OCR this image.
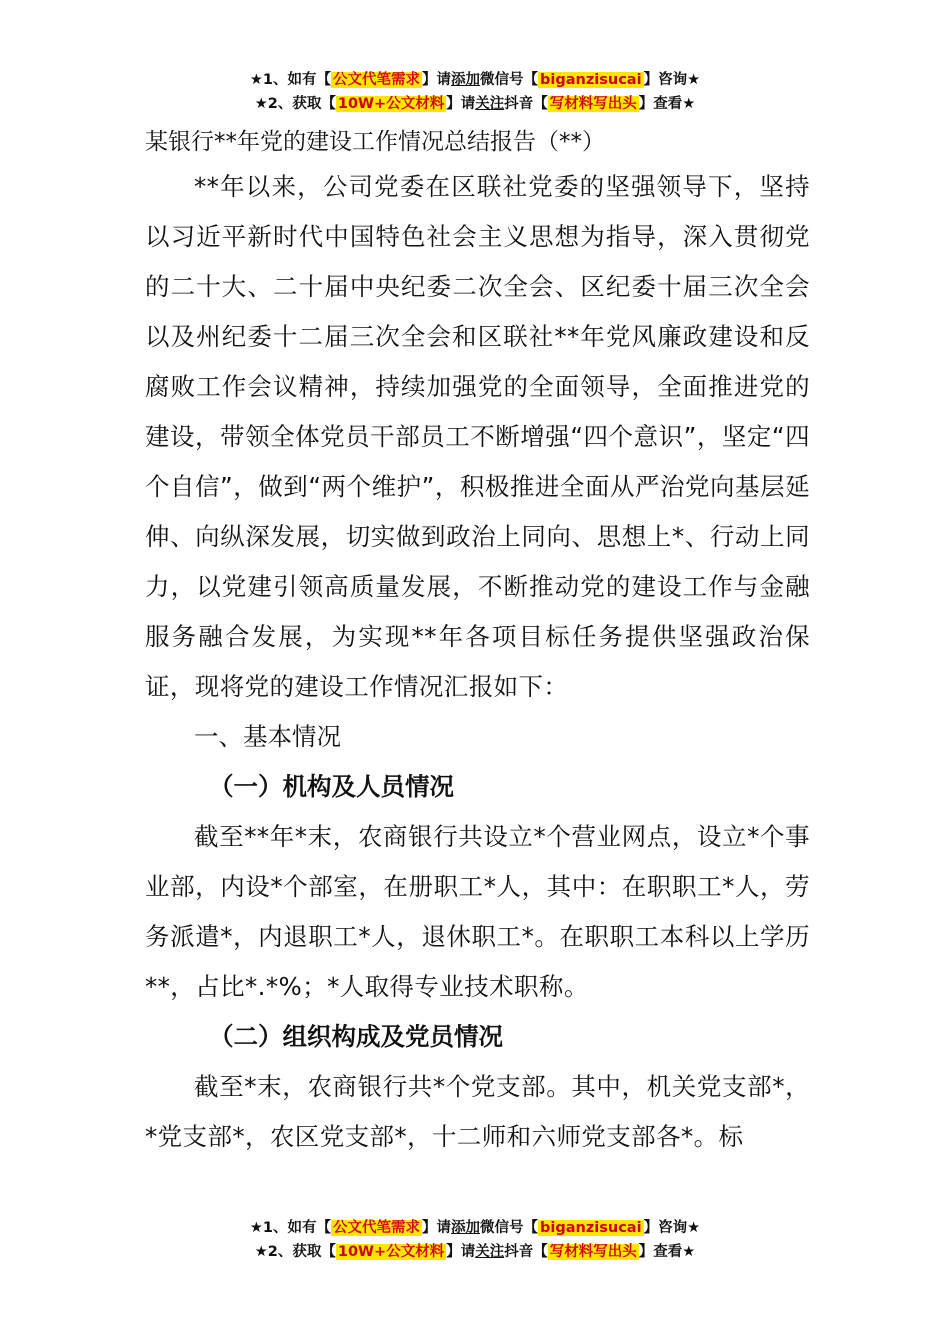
★1、如有【 公文代笔需求 】请添加微信号【 biganzisucai 】咨询★
★2、获取【 10W+公文材料 】请关注抖音【 写材料写出头 】查看★

某银行**年党的建设工作情况总结报告（**）

**年以来，公司党委在区联社党委的坚强领导下，坚持以习近平新时代中国特色社会主义思想为指导，深入贯彻党的二十大、二十届中央纪委二次全会、区纪委十届三次全会以及州纪委十二届三次全会和区联社**年党风廉政建设和反腐败工作会议精神，持续加强党的全面领导，全面推进党的建设，带领全体党员干部员工不断增强“四个意识”，坚定“四个自信”，做到“两个维护”，积极推进全面从严治党向基层延伸、向纵深发展，切实做到政治上同向、思想上*、行动上同力，以党建引领高质量发展，不断推动党的建设工作与金融服务融合发展，为实现**年各项目标任务提供坚强政治保证，现将党的建设工作情况汇报如下：

一、基本情况

（一）机构及人员情况

截至**年*末，农商银行共设立*个营业网点，设立*个事业部，内设*个部室，在册职工*人，其中：在职职工*人，劳务派遣*，内退职工*人，退休职工*。在职职工本科以上学历**，占比*.*%；*人取得专业技术职称。

（二）组织构成及党员情况

截至*末，农商银行共*个党支部。其中，机关党支部*，*党支部*，农区党支部*，十二师和六师党支部各*。标

★1、如有【 公文代笔需求 】请添加微信号【 biganzisucai 】咨询★
★2、获取【 10W+公文材料 】请关注抖音【 写材料写出头 】查看★
